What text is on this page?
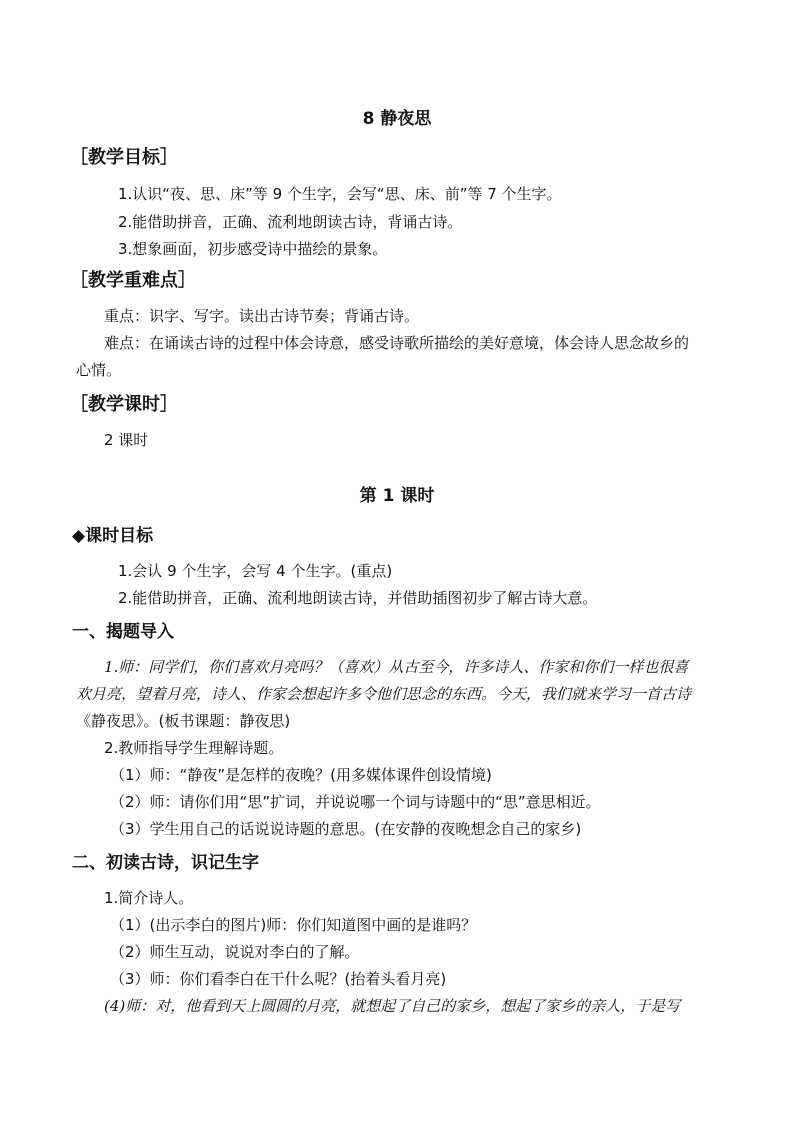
8 静夜思
［教学目标］
1.认识“夜、思、床”等 9 个生字，会写“思、床、前”等 7 个生字。
2.能借助拼音，正确、流利地朗读古诗，背诵古诗。
3.想象画面，初步感受诗中描绘的景象。
［教学重难点］
重点：识字、写字。读出古诗节奏；背诵古诗。
难点：在诵读古诗的过程中体会诗意，感受诗歌所描绘的美好意境，体会诗人思念故乡的
心情。
［教学课时］
2 课时
第 1 课时
◆课时目标
1.会认 9 个生字，会写 4 个生字。(重点)
2.能借助拼音，正确、流利地朗读古诗，并借助插图初步了解古诗大意。
一、揭题导入
1.师：同学们，你们喜欢月亮吗？（喜欢）从古至今，许多诗人、作家和你们一样也很喜
欢月亮，望着月亮，诗人、作家会想起许多令他们思念的东西。今天，我们就来学习一首古诗
《静夜思》。(板书课题：静夜思)
2.教师指导学生理解诗题。
（1）师：“静夜”是怎样的夜晚？(用多媒体课件创设情境)
（2）师：请你们用“思”扩词，并说说哪一个词与诗题中的“思”意思相近。
（3）学生用自己的话说说诗题的意思。(在安静的夜晚想念自己的家乡)
二、初读古诗，识记生字
1.简介诗人。
（1）(出示李白的图片)师：你们知道图中画的是谁吗？
（2）师生互动，说说对李白的了解。
（3）师：你们看李白在干什么呢？(抬着头看月亮)
(4)师：对，他看到天上圆圆的月亮，就想起了自己的家乡，想起了家乡的亲人，于是写
